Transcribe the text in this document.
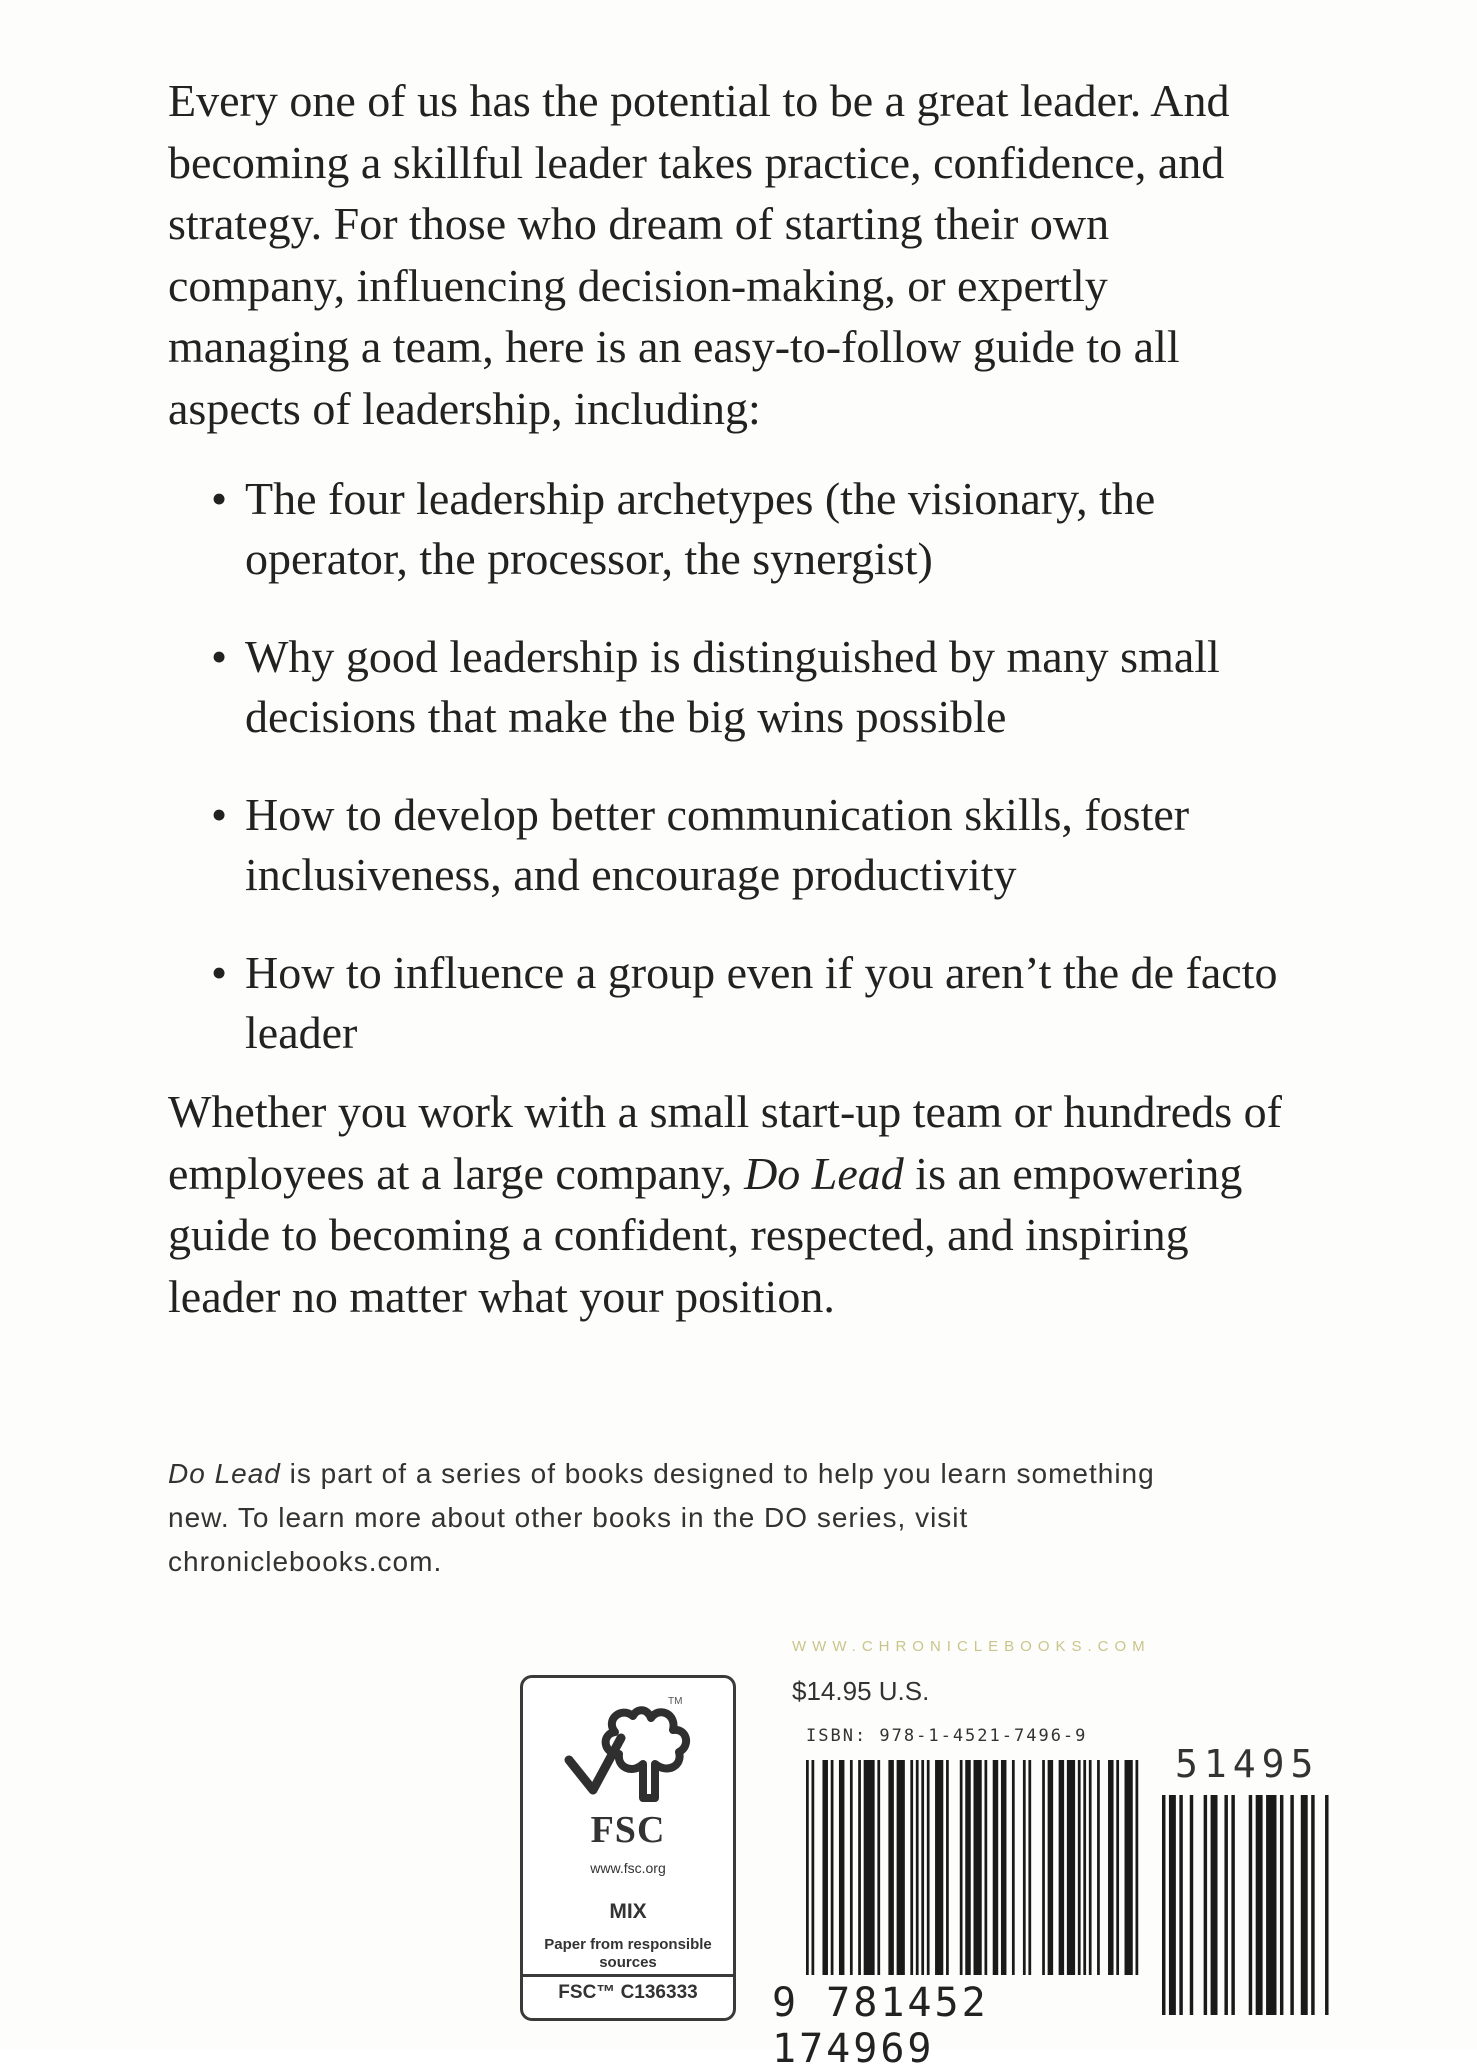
Every one of us has the potential to be a great leader. And becoming a skillful leader takes practice, confidence, and strategy. For those who dream of starting their own company, influencing decision-making, or expertly managing a team, here is an easy-to-follow guide to all aspects of leadership, including:

• The four leadership archetypes (the visionary, the operator, the processor, the synergist)
• Why good leadership is distinguished by many small decisions that make the big wins possible
• How to develop better communication skills, foster inclusiveness, and encourage productivity
• How to influence a group even if you aren’t the de facto leader

Whether you work with a small start-up team or hundreds of employees at a large company, Do Lead is an empowering guide to becoming a confident, respected, and inspiring leader no matter what your position.

Do Lead is part of a series of books designed to help you learn something new. To learn more about other books in the DO series, visit chroniclebooks.com.

TM
FSC
www.fsc.org
MIX
Paper from responsible sources
FSC™ C136333
WWW.CHRONICLEBOOKS.COM
$14.95 U.S.
ISBN: 978-1-4521-7496-9
9 781452 174969
51495
